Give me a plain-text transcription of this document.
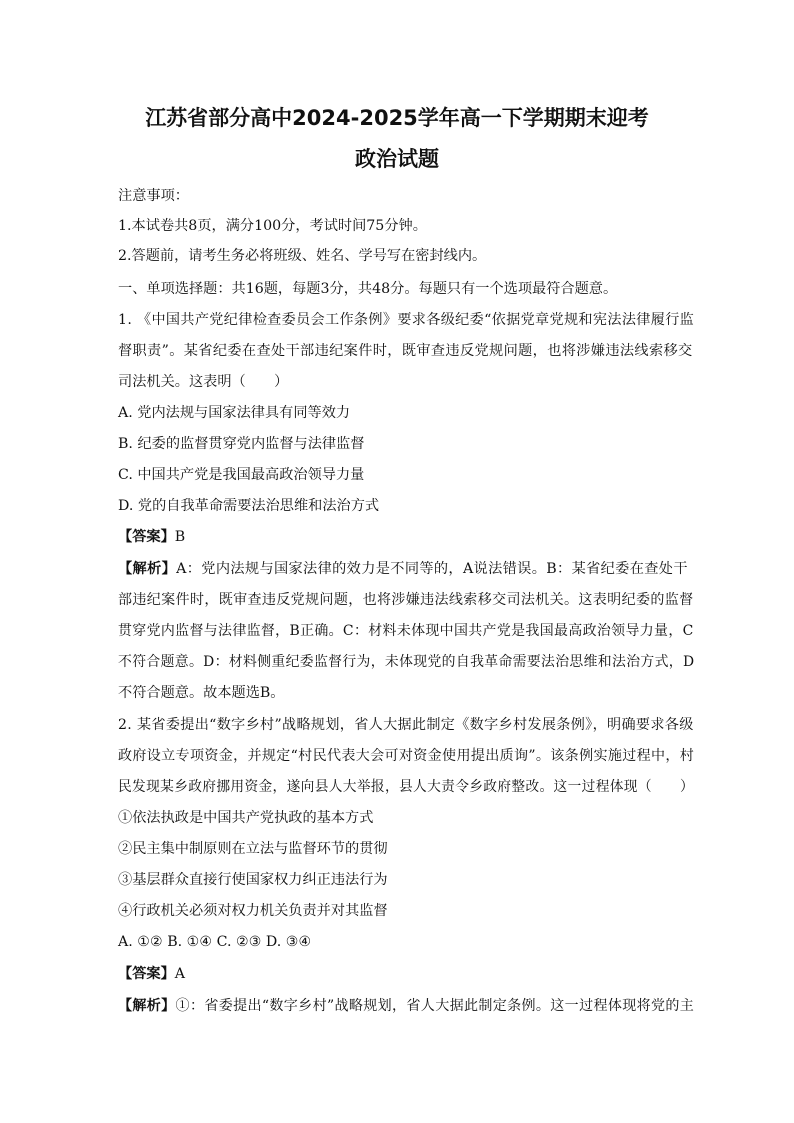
江苏省部分高中2024-2025学年高一下学期期末迎考
政治试题
注意事项：
1.本试卷共8页，满分100分，考试时间75分钟。
2.答题前，请考生务必将班级、姓名、学号写在密封线内。
一、单项选择题：共16题，每题3分，共48分。每题只有一个选项最符合题意。
1. 《中国共产党纪律检查委员会工作条例》要求各级纪委“依据党章党规和宪法法律履行监
督职责”。某省纪委在查处干部违纪案件时，既审查违反党规问题，也将涉嫌违法线索移交
司法机关。这表明（　　）
A. 党内法规与国家法律具有同等效力
B. 纪委的监督贯穿党内监督与法律监督
C. 中国共产党是我国最高政治领导力量
D. 党的自我革命需要法治思维和法治方式
【答案】B
【解析】A：党内法规与国家法律的效力是不同等的，A说法错误。B：某省纪委在查处干
部违纪案件时，既审查违反党规问题，也将涉嫌违法线索移交司法机关。这表明纪委的监督
贯穿党内监督与法律监督，B正确。C：材料未体现中国共产党是我国最高政治领导力量，C
不符合题意。D：材料侧重纪委监督行为，未体现党的自我革命需要法治思维和法治方式，D
不符合题意。故本题选B。
2. 某省委提出“数字乡村”战略规划，省人大据此制定《数字乡村发展条例》，明确要求各级
政府设立专项资金，并规定“村民代表大会可对资金使用提出质询”。该条例实施过程中，村
民发现某乡政府挪用资金，遂向县人大举报，县人大责令乡政府整改。这一过程体现（　　）
①依法执政是中国共产党执政的基本方式
②民主集中制原则在立法与监督环节的贯彻
③基层群众直接行使国家权力纠正违法行为
④行政机关必须对权力机关负责并对其监督
A. ①② B. ①④ C. ②③ D. ③④
【答案】A
【解析】①：省委提出“数字乡村”战略规划，省人大据此制定条例。这一过程体现将党的主
